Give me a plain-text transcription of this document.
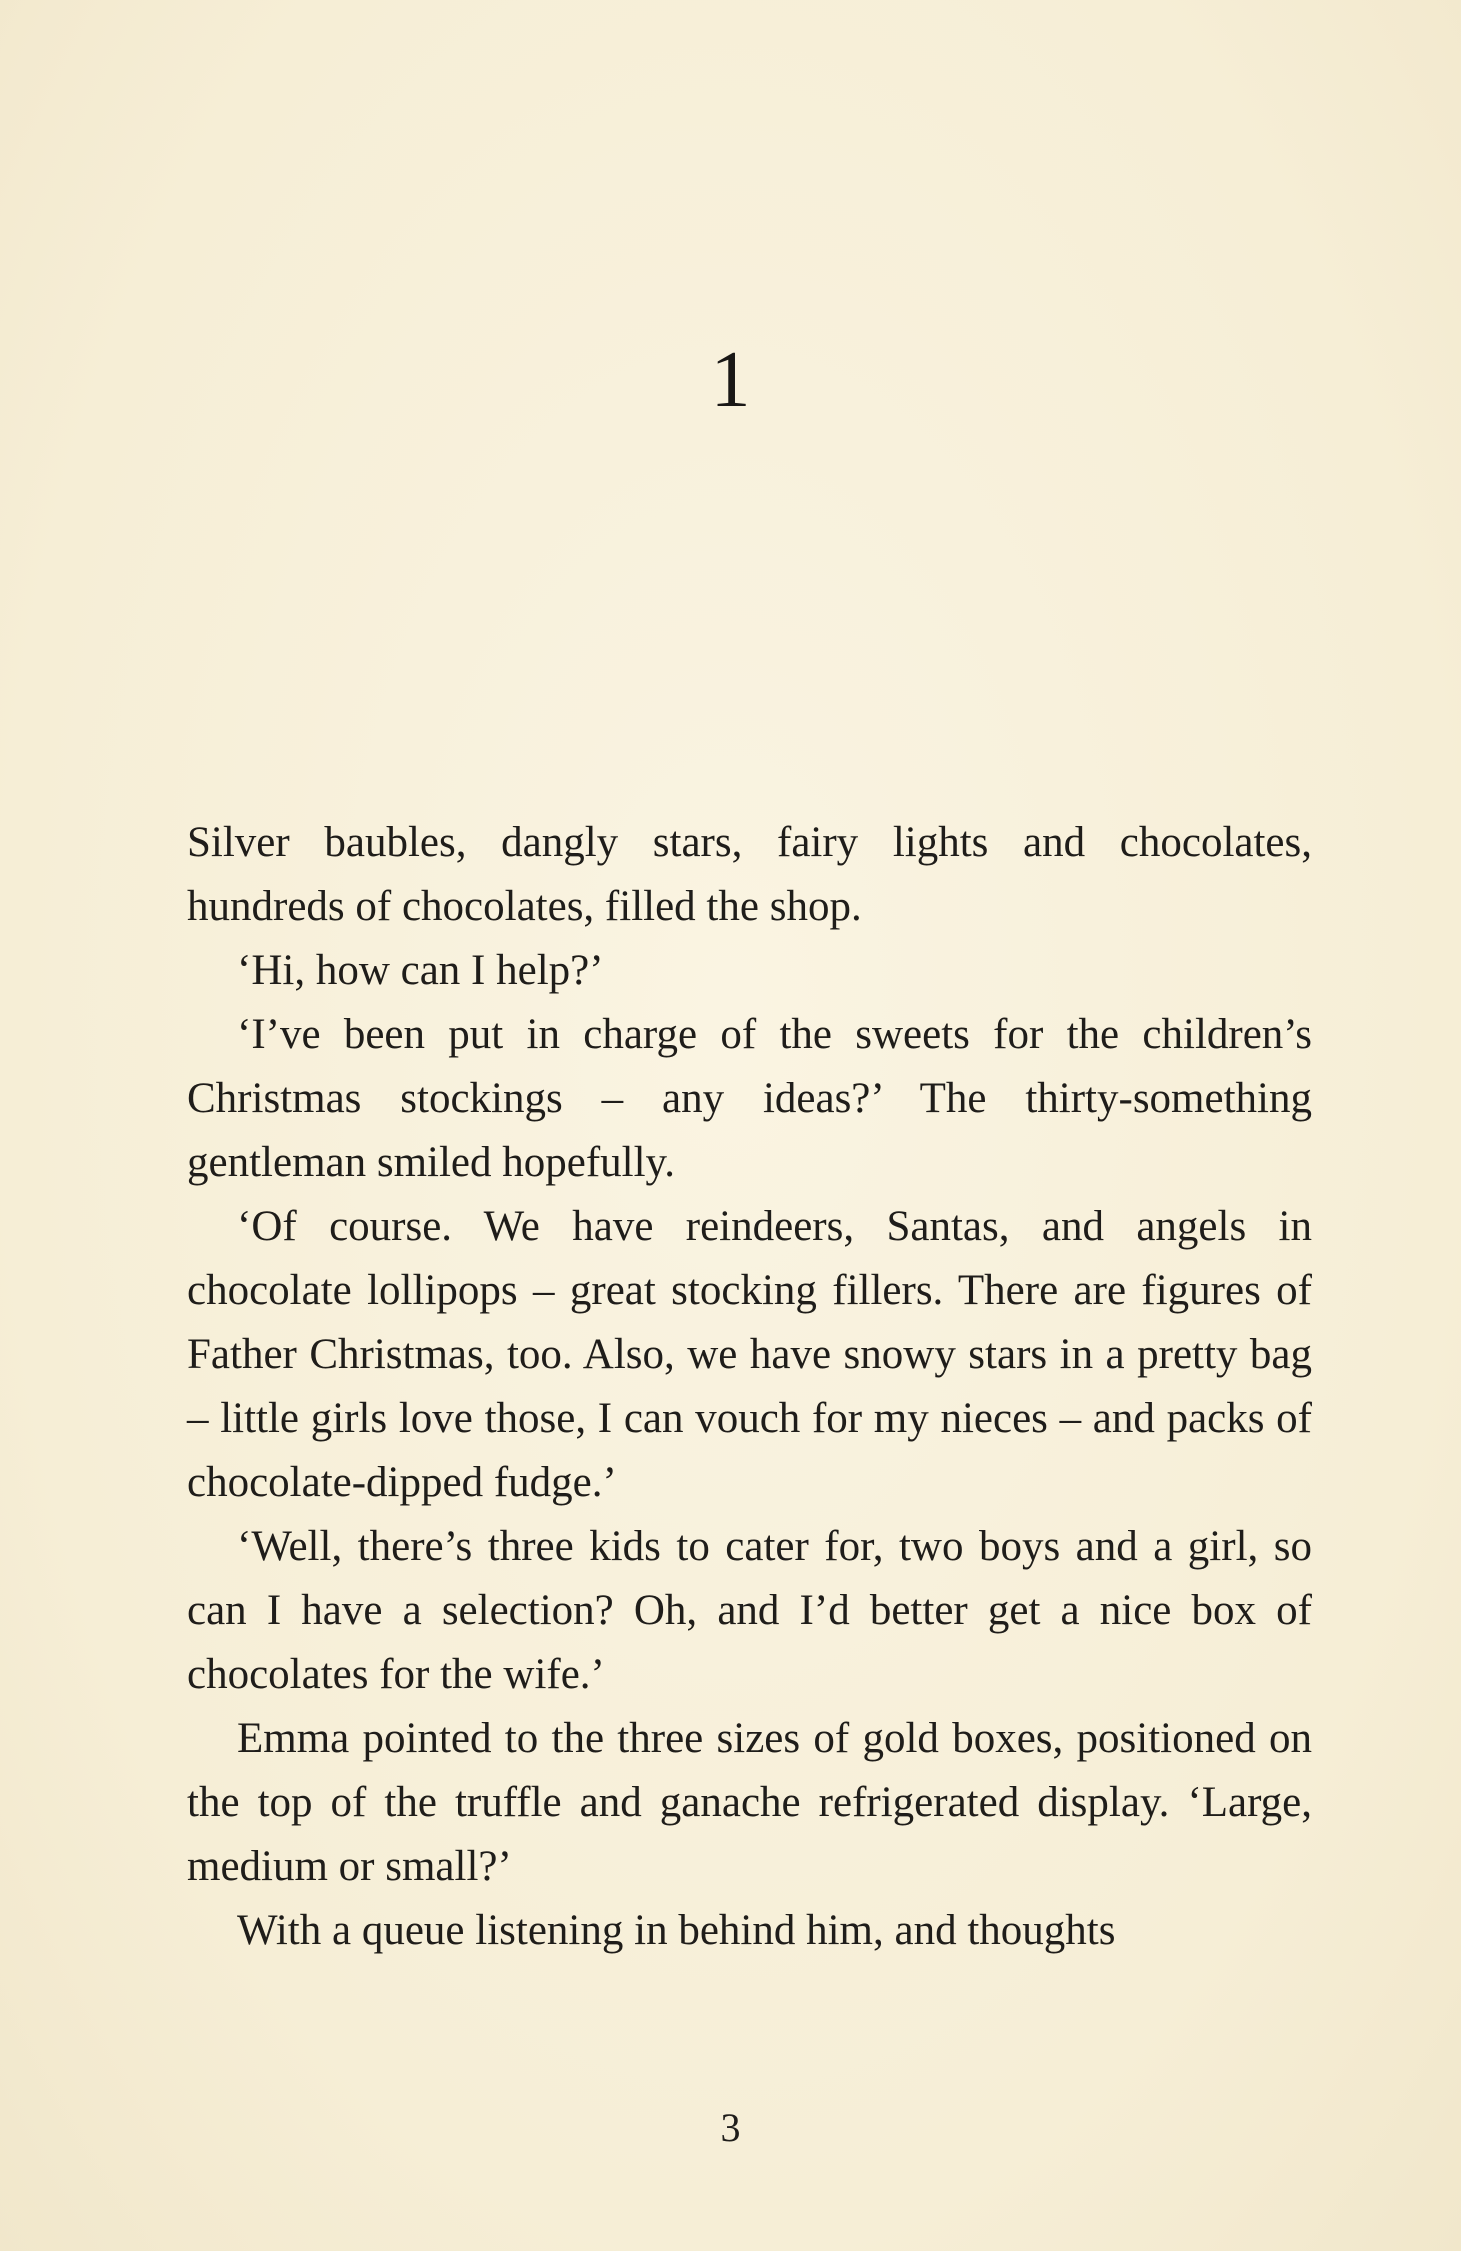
1

Silver baubles, dangly stars, fairy lights and chocolates, hundreds of chocolates, filled the shop.

‘Hi, how can I help?’

‘I’ve been put in charge of the sweets for the children’s Christmas stockings – any ideas?’ The thirty-something gentleman smiled hopefully.

‘Of course. We have reindeers, Santas, and angels in chocolate lollipops – great stocking fillers. There are figures of Father Christmas, too. Also, we have snowy stars in a pretty bag – little girls love those, I can vouch for my nieces – and packs of chocolate-dipped fudge.’

‘Well, there’s three kids to cater for, two boys and a girl, so can I have a selection? Oh, and I’d better get a nice box of chocolates for the wife.’

Emma pointed to the three sizes of gold boxes, positioned on the top of the truffle and ganache refrigerated display. ‘Large, medium or small?’

With a queue listening in behind him, and thoughts

3
